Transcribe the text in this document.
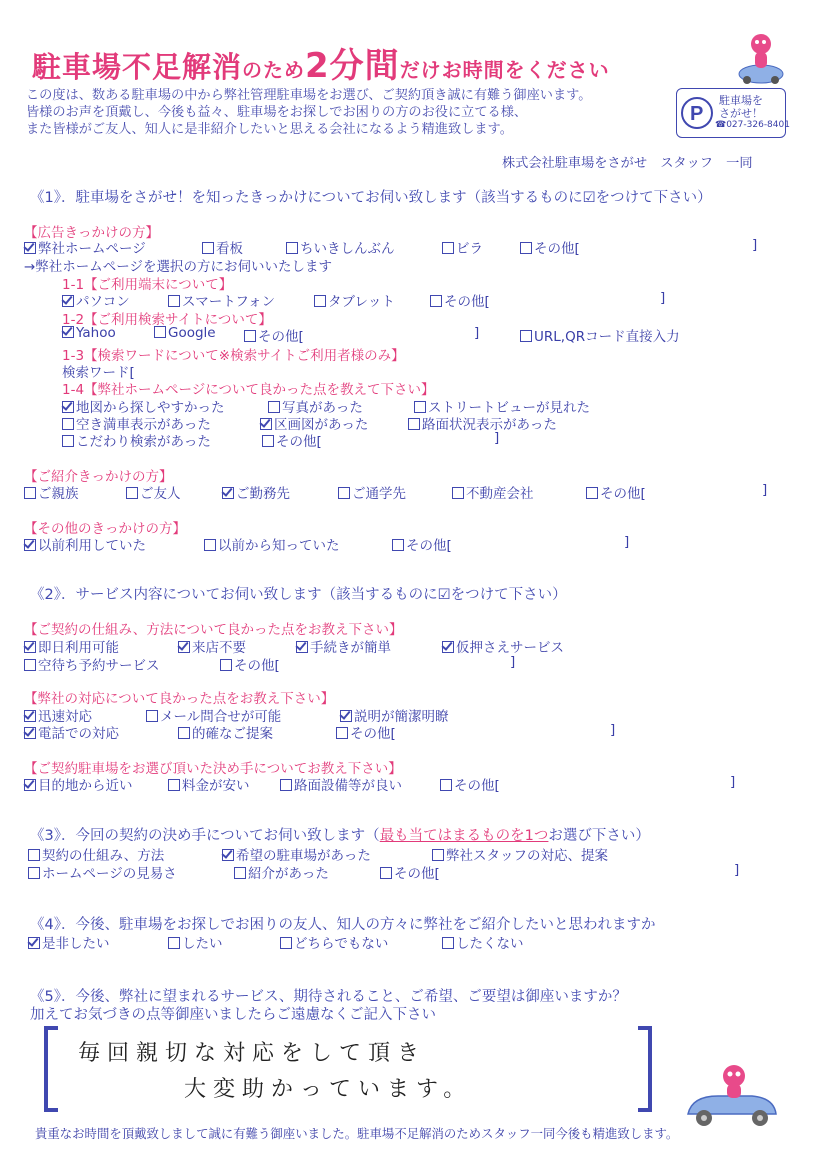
駐車場不足解消のため2分間だけお時間をください
この度は、数ある駐車場の中から弊社管理駐車場をお選び、ご契約頂き誠に有難う御座います。
皆様のお声を頂戴し、今後も益々、駐車場をお探しでお困りの方のお役に立てる様、
また皆様がご友人、知人に是非紹介したいと思える会社になるよう精進致します。
P
駐車場を
さがせ！
☎027-326-8401
株式会社駐車場をさがせ　スタッフ　一同
《1》．駐車場をさがせ！を知ったきっかけについてお伺い致します（該当するものに☑をつけて下さい）
【広告きっかけの方】
弊社ホームページ	看板	ちいきしんぶん	ビラ	その他[	]
→弊社ホームページを選択の方にお伺いいたします
1-1【ご利用端末について】
パソコン	スマートフォン	タブレット	その他[	]
1-2【ご利用検索サイトについて】
Yahoo	Google	その他[	]	URL,QRコード直接入力
1-3【検索ワードについて※検索サイトご利用者様のみ】
検索ワード[
1-4【弊社ホームページについて良かった点を教えて下さい】
地図から探しやすかった	写真があった	ストリートビューが見れた
空き満車表示があった	区画図があった	路面状況表示があった
こだわり検索があった	その他[	]
【ご紹介きっかけの方】
ご親族	ご友人	ご勤務先	ご通学先	不動産会社	その他[	]
【その他のきっかけの方】
以前利用していた	以前から知っていた	その他[	]
《2》．サービス内容についてお伺い致します（該当するものに☑をつけて下さい）
【ご契約の仕組み、方法について良かった点をお教え下さい】
即日利用可能	来店不要	手続きが簡単	仮押さえサービス
空待ち予約サービス	その他[	]
【弊社の対応について良かった点をお教え下さい】
迅速対応	メール問合せが可能	説明が簡潔明瞭
電話での対応	的確なご提案	その他[	]
【ご契約駐車場をお選び頂いた決め手についてお教え下さい】
目的地から近い	料金が安い	路面設備等が良い	その他[	]
《3》．今回の契約の決め手についてお伺い致します（最も当てはまるものを1つお選び下さい）
契約の仕組み、方法	希望の駐車場があった	弊社スタッフの対応、提案
ホームページの見易さ	紹介があった	その他[	]
《4》．今後、駐車場をお探しでお困りの友人、知人の方々に弊社をご紹介したいと思われますか
是非したい	したい	どちらでもない	したくない
《5》．今後、弊社に望まれるサービス、期待されること、ご希望、ご要望は御座いますか？
加えてお気づきの点等御座いましたらご遠慮なくご記入下さい
毎回親切な対応をして頂き
大変助かっています。
貴重なお時間を頂戴致しまして誠に有難う御座いました。駐車場不足解消のためスタッフ一同今後も精進致します。
